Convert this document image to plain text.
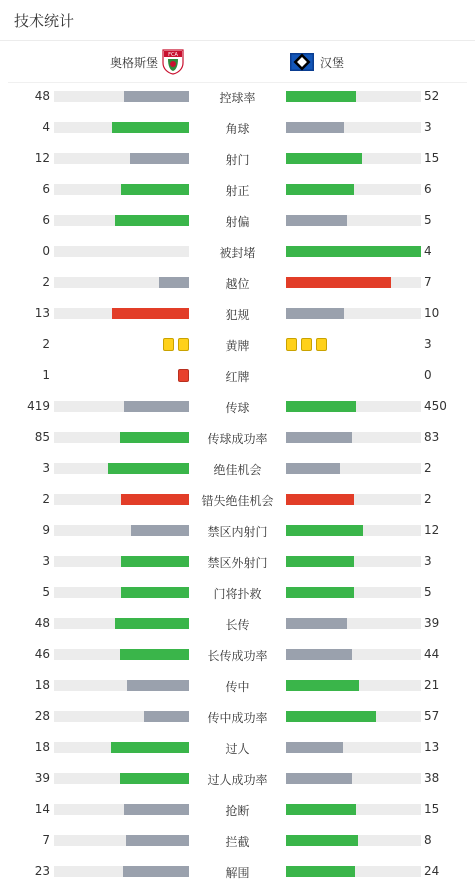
技术统计
奥格斯堡
FCA
汉堡
48	控球率	52
4	角球	3
12	射门	15
6	射正	6
6	射偏	5
0	被封堵	4
2	越位	7
13	犯规	10
2	黄牌	3
1	红牌	0
419	传球	450
85	传球成功率	83
3	绝佳机会	2
2	错失绝佳机会	2
9	禁区内射门	12
3	禁区外射门	3
5	门将扑救	5
48	长传	39
46	长传成功率	44
18	传中	21
28	传中成功率	57
18	过人	13
39	过人成功率	38
14	抢断	15
7	拦截	8
23	解围	24
